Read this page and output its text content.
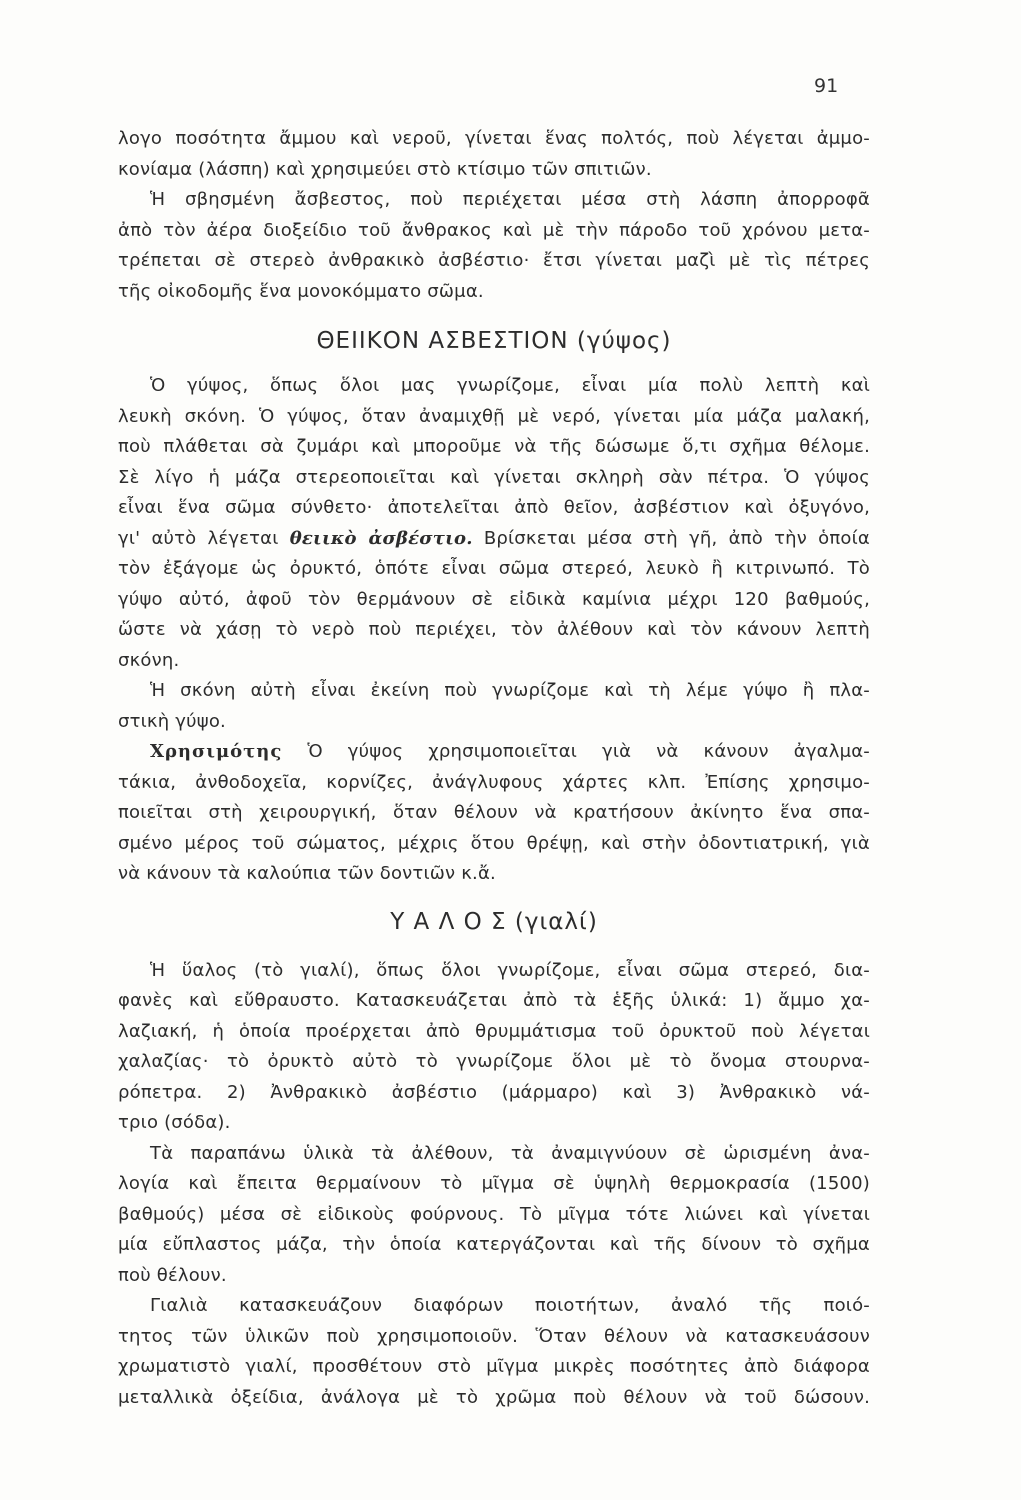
91
λογο ποσότητα ἄμμου καὶ νεροῦ, γίνεται ἕνας πολτός, ποὺ λέγεται ἀμμο-
κονίαμα (λάσπη) καὶ χρησιμεύει στὸ κτίσιμο τῶν σπιτιῶν.
Ἡ σβησμένη ἄσβεστος, ποὺ περιέχεται μέσα στὴ λάσπη ἀπορροφᾶ
ἀπὸ τὸν ἀέρα διοξείδιο τοῦ ἄνθρακος καὶ μὲ τὴν πάροδο τοῦ χρόνου μετα-
τρέπεται σὲ στερεὸ ἀνθρακικὸ ἀσβέστιο· ἔτσι γίνεται μαζὶ μὲ τὶς πέτρες
τῆς οἰκοδομῆς ἕνα μονοκόμματο σῶμα.
ΘΕΙΙΚΟΝ ΑΣΒΕΣΤΙΟΝ (γύψος)
Ὁ γύψος, ὅπως ὅλοι μας γνωρίζομε, εἶναι μία πολὺ λεπτὴ καὶ
λευκὴ σκόνη. Ὁ γύψος, ὅταν ἀναμιχθῇ μὲ νερό, γίνεται μία μάζα μαλακή,
ποὺ πλάθεται σὰ ζυμάρι καὶ μποροῦμε νὰ τῆς δώσωμε ὅ,τι σχῆμα θέλομε.
Σὲ λίγο ἡ μάζα στερεοποιεῖται καὶ γίνεται σκληρὴ σὰν πέτρα. Ὁ γύψος
εἶναι ἕνα σῶμα σύνθετο· ἀποτελεῖται ἀπὸ θεῖον, ἀσβέστιον καὶ ὀξυγόνο,
γι' αὐτὸ λέγεται θειικὸ ἀσβέστιο. Βρίσκεται μέσα στὴ γῆ, ἀπὸ τὴν ὁποία
τὸν ἐξάγομε ὡς ὀρυκτό, ὁπότε εἶναι σῶμα στερεό, λευκὸ ἢ κιτρινωπό. Τὸ
γύψο αὐτό, ἀφοῦ τὸν θερμάνουν σὲ εἰδικὰ καμίνια μέχρι 120 βαθμούς,
ὥστε νὰ χάσῃ τὸ νερὸ ποὺ περιέχει, τὸν ἀλέθουν καὶ τὸν κάνουν λεπτὴ
σκόνη.
Ἡ σκόνη αὐτὴ εἶναι ἐκείνη ποὺ γνωρίζομε καὶ τὴ λέμε γύψο ἢ πλα-
στικὴ γύψο.
Χρησιμότης Ὁ γύψος χρησιμοποιεῖται γιὰ νὰ κάνουν ἀγαλμα-
τάκια, ἀνθοδοχεῖα, κορνίζες, ἀνάγλυφους χάρτες κλπ. Ἐπίσης χρησιμο-
ποιεῖται στὴ χειρουργική, ὅταν θέλουν νὰ κρατήσουν ἀκίνητο ἕνα σπα-
σμένο μέρος τοῦ σώματος, μέχρις ὅτου θρέψῃ, καὶ στὴν ὀδοντιατρική, γιὰ
νὰ κάνουν τὰ καλούπια τῶν δοντιῶν κ.ἄ.
Υ Α Λ Ο Σ (γιαλί)
Ἡ ὕαλος (τὸ γιαλί), ὅπως ὅλοι γνωρίζομε, εἶναι σῶμα στερεό, δια-
φανὲς καὶ εὔθραυστο. Κατασκευάζεται ἀπὸ τὰ ἑξῆς ὑλικά: 1) ἄμμο χα-
λαζιακή, ἡ ὁποία προέρχεται ἀπὸ θρυμμάτισμα τοῦ ὀρυκτοῦ ποὺ λέγεται
χαλαζίας· τὸ ὀρυκτὸ αὐτὸ τὸ γνωρίζομε ὅλοι μὲ τὸ ὄνομα στουρνα-
ρόπετρα. 2) Ἀνθρακικὸ ἀσβέστιο (μάρμαρο) καὶ 3) Ἀνθρακικὸ νά-
τριο (σόδα).
Τὰ παραπάνω ὑλικὰ τὰ ἀλέθουν, τὰ ἀναμιγνύουν σὲ ὡρισμένη ἀνα-
λογία καὶ ἔπειτα θερμαίνουν τὸ μῖγμα σὲ ὑψηλὴ θερμοκρασία (1500)
βαθμούς) μέσα σὲ εἰδικοὺς φούρνους. Τὸ μῖγμα τότε λιώνει καὶ γίνεται
μία εὔπλαστος μάζα, τὴν ὁποία κατεργάζονται καὶ τῆς δίνουν τὸ σχῆμα
ποὺ θέλουν.
Γιαλιὰ κατασκευάζουν διαφόρων ποιοτήτων, ἀναλό τῆς ποιό-
τητος τῶν ὑλικῶν ποὺ χρησιμοποιοῦν. Ὅταν θέλουν νὰ κατασκευάσουν
χρωματιστὸ γιαλί, προσθέτουν στὸ μῖγμα μικρὲς ποσότητες ἀπὸ διάφορα
μεταλλικὰ ὀξείδια, ἀνάλογα μὲ τὸ χρῶμα ποὺ θέλουν νὰ τοῦ δώσουν.
